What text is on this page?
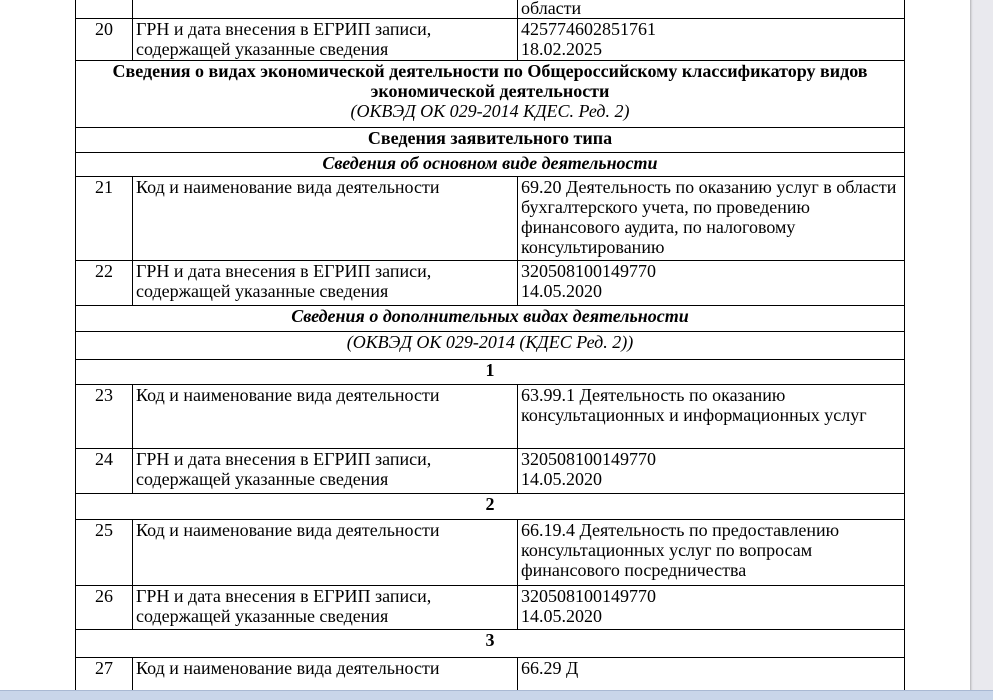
		области
20	ГРН и дата внесения в ЕГРИП записи, содержащей указанные сведения	425774602851761
18.02.2025

Сведения о видах экономической деятельности по Общероссийскому классификатору видов экономической деятельности
(ОКВЭД ОК 029-2014 КДЕС. Ред. 2)		

Сведения заявительного типа		
Сведения об основном виде деятельности		
21	Код и наименование вида деятельности	69.20 Деятельность по оказанию услуг в области бухгалтерского учета, по проведению финансового аудита, по налоговому консультированию
22	ГРН и дата внесения в ЕГРИП записи, содержащей указанные сведения	320508100149770
14.05.2020

Сведения о дополнительных видах деятельности		
(ОКВЭД ОК 029-2014 (КДЕС Ред. 2))		
1		
23	Код и наименование вида деятельности	63.99.1 Деятельность по оказанию консультационных и информационных услуг
24	ГРН и дата внесения в ЕГРИП записи, содержащей указанные сведения	320508100149770
14.05.2020

2		
25	Код и наименование вида деятельности	66.19.4 Деятельность по предоставлению консультационных услуг по вопросам финансового посредничества
26	ГРН и дата внесения в ЕГРИП записи, содержащей указанные сведения	320508100149770
14.05.2020

3		
27	Код и наименование вида деятельности	66.29 Д
